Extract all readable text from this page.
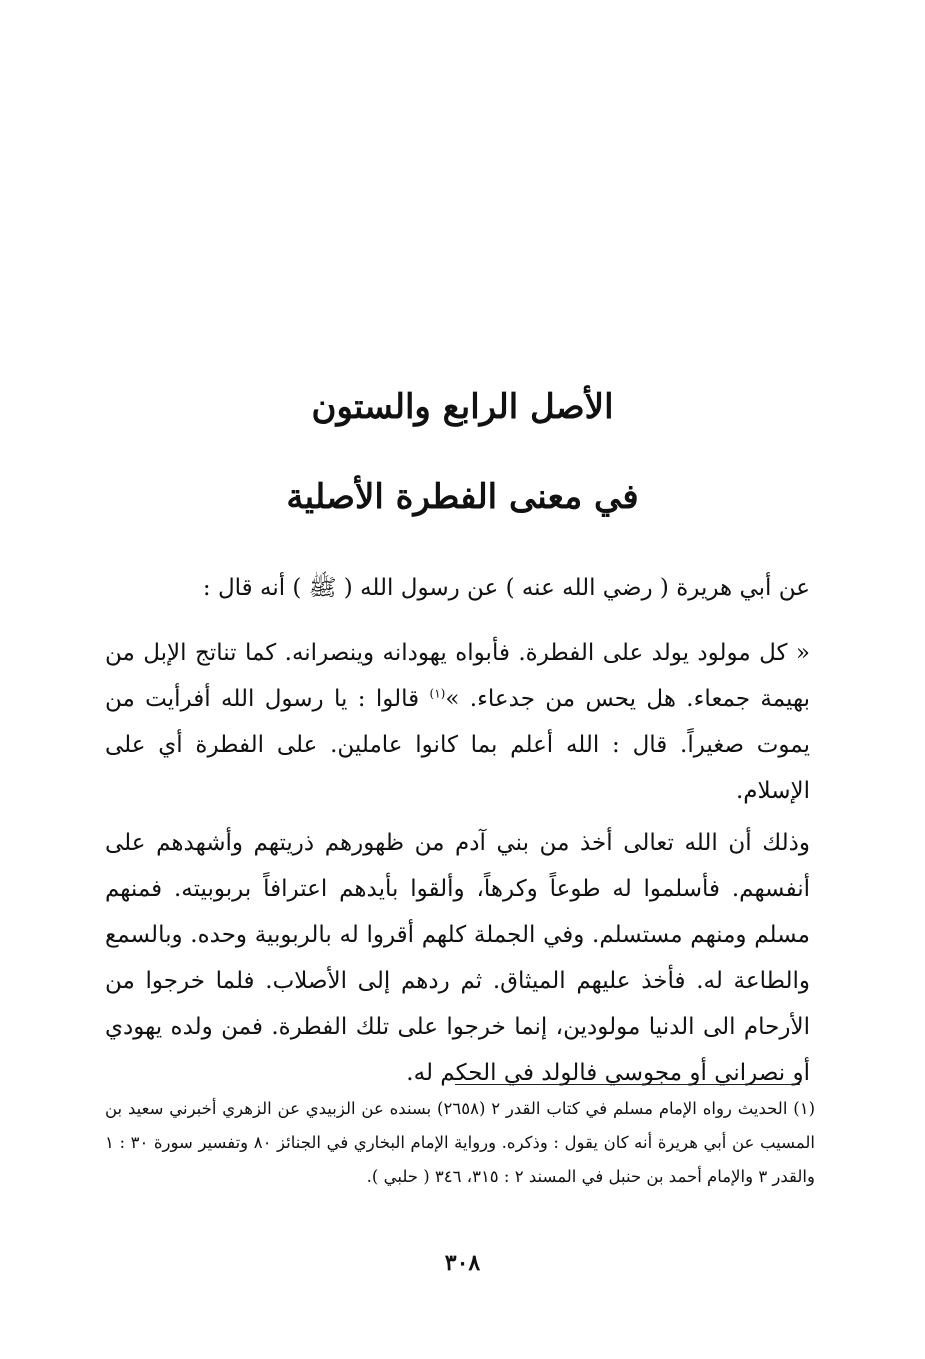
الأصل الرابع والستون
في معنى الفطرة الأصلية

عن أبي هريرة ( رضي الله عنه ) عن رسول الله ( ﷺ ) أنه قال :

« كل مولود يولد على الفطرة. فأبواه يهودانه وينصرانه. كما تناتج الإبل من بهيمة جمعاء. هل يحس من جدعاء. »$^{(١)}$ قالوا : يا رسول الله أفرأيت من يموت صغيراً. قال : الله أعلم بما كانوا عاملين. على الفطرة أي على الإسلام.

وذلك أن الله تعالى أخذ من بني آدم من ظهورهم ذريتهم وأشهدهم على أنفسهم. فأسلموا له طوعاً وكرهاً، وألقوا بأيدهم اعترافاً بربوبيته. فمنهم مسلم ومنهم مستسلم. وفي الجملة كلهم أقروا له بالربوبية وحده. وبالسمع والطاعة له. فأخذ عليهم الميثاق. ثم ردهم إلى الأصلاب. فلما خرجوا من الأرحام الى الدنيا مولودين، إنما خرجوا على تلك الفطرة. فمن ولده يهودي أو نصراني أو مجوسي فالولد في الحكم له.

(١) الحديث رواه الإمام مسلم في كتاب القدر ٢ (٢٦٥٨) بسنده عن الزبيدي عن الزهري أخبرني سعيد بن المسيب عن أبي هريرة أنه كان يقول : وذكره. ورواية الإمام البخاري في الجنائز ٨٠ وتفسير سورة ٣٠ : ١ والقدر ٣ والإمام أحمد بن حنبل في المسند ٢ : ٣١٥، ٣٤٦ ( حلبي ).

٣٠٨
